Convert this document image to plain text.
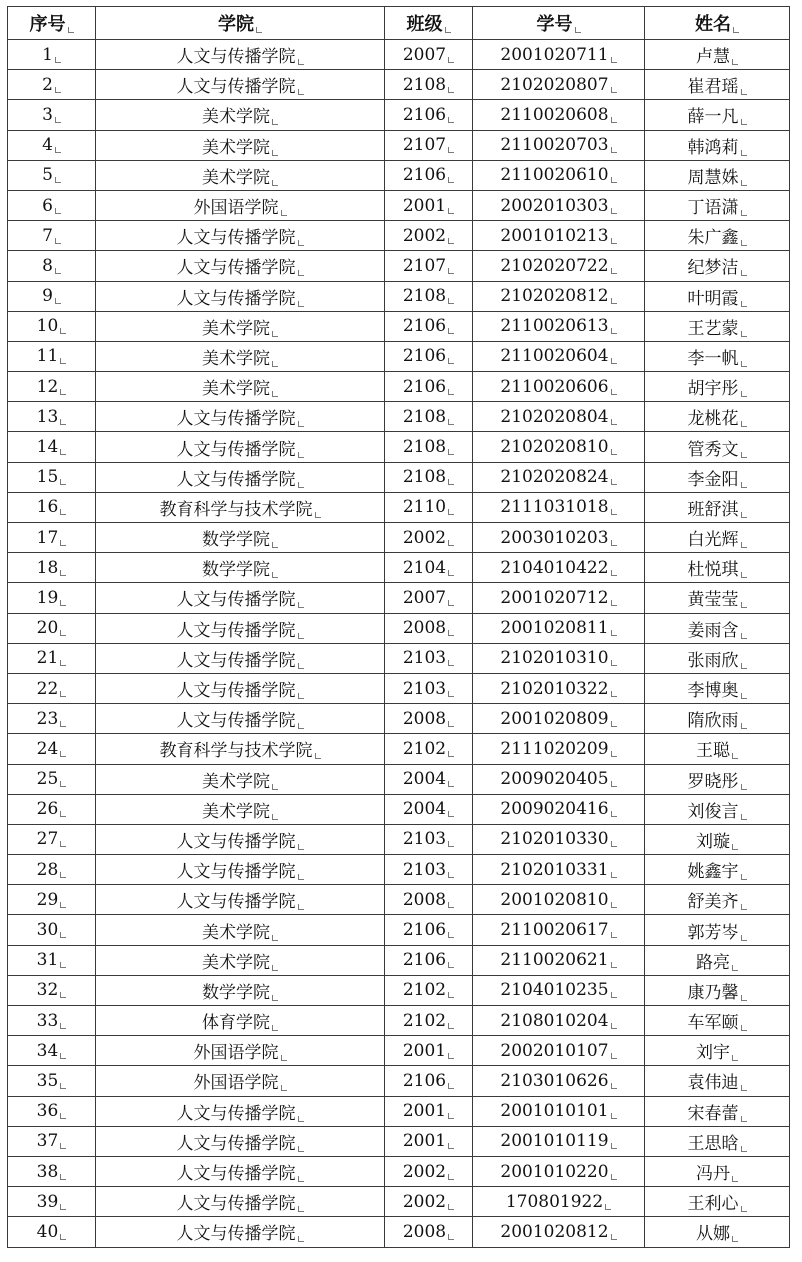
序号	学院	班级	学号	姓名
1	人文与传播学院	2007	2001020711	卢慧
2	人文与传播学院	2108	2102020807	崔君瑶
3	美术学院	2106	2110020608	薛一凡
4	美术学院	2107	2110020703	韩鸿莉
5	美术学院	2106	2110020610	周慧姝
6	外国语学院	2001	2002010303	丁语潇
7	人文与传播学院	2002	2001010213	朱广鑫
8	人文与传播学院	2107	2102020722	纪梦洁
9	人文与传播学院	2108	2102020812	叶明霞
10	美术学院	2106	2110020613	王艺蒙
11	美术学院	2106	2110020604	李一帆
12	美术学院	2106	2110020606	胡宇彤
13	人文与传播学院	2108	2102020804	龙桃花
14	人文与传播学院	2108	2102020810	管秀文
15	人文与传播学院	2108	2102020824	李金阳
16	教育科学与技术学院	2110	2111031018	班舒淇
17	数学学院	2002	2003010203	白光辉
18	数学学院	2104	2104010422	杜悦琪
19	人文与传播学院	2007	2001020712	黄莹莹
20	人文与传播学院	2008	2001020811	姜雨含
21	人文与传播学院	2103	2102010310	张雨欣
22	人文与传播学院	2103	2102010322	李博奥
23	人文与传播学院	2008	2001020809	隋欣雨
24	教育科学与技术学院	2102	2111020209	王聪
25	美术学院	2004	2009020405	罗晓彤
26	美术学院	2004	2009020416	刘俊言
27	人文与传播学院	2103	2102010330	刘璇
28	人文与传播学院	2103	2102010331	姚鑫宇
29	人文与传播学院	2008	2001020810	舒美齐
30	美术学院	2106	2110020617	郭芳岑
31	美术学院	2106	2110020621	路亮
32	数学学院	2102	2104010235	康乃馨
33	体育学院	2102	2108010204	车军颐
34	外国语学院	2001	2002010107	刘宇
35	外国语学院	2106	2103010626	袁伟迪
36	人文与传播学院	2001	2001010101	宋春蕾
37	人文与传播学院	2001	2001010119	王思晗
38	人文与传播学院	2002	2001010220	冯丹
39	人文与传播学院	2002	170801922	王利心
40	人文与传播学院	2008	2001020812	从娜
